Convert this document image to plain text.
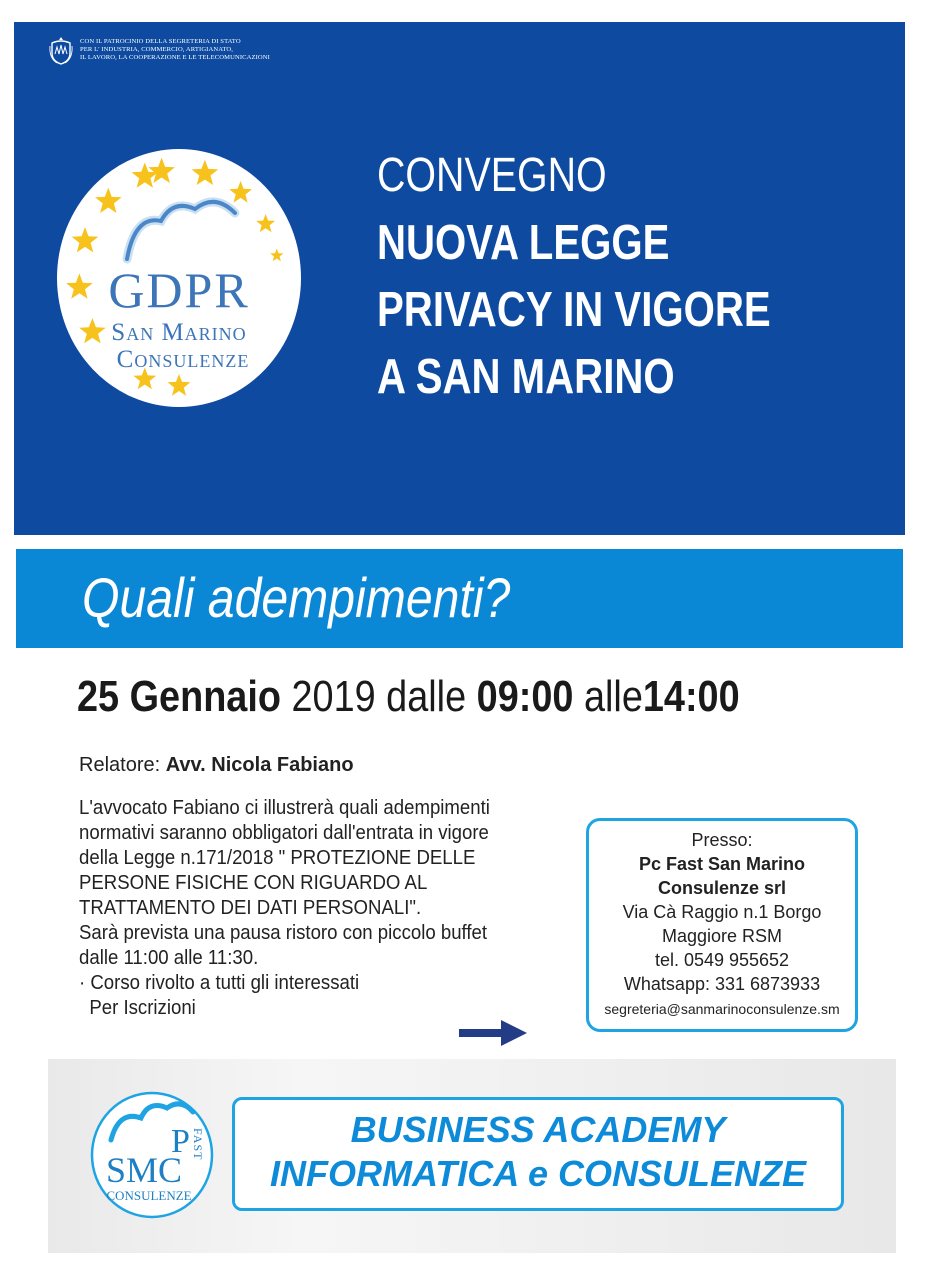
CON IL PATROCINIO DELLA SEGRETERIA DI STATO
PER L' INDUSTRIA, COMMERCIO, ARTIGIANATO,
IL LAVORO, LA COOPERAZIONE E LE TELECOMUNICAZIONI
GDPR
San Marino
Consulenze
CONVEGNO
NUOVA LEGGE
PRIVACY IN VIGORE
A SAN MARINO
Quali adempimenti?
25 Gennaio 2019 dalle 09:00 alle14:00
Relatore: Avv. Nicola Fabiano

L'avvocato Fabiano ci illustrerà quali adempimenti

normativi saranno obbligatori dall'entrata in vigore

della Legge n.171/2018 " PROTEZIONE DELLE

PERSONE FISICHE CON RIGUARDO AL

TRATTAMENTO DEI DATI PERSONALI".

Sarà prevista una pausa ristoro con piccolo buffet

dalle 11:00 alle 11:30.

· Corso rivolto a tutti gli interessati

Per Iscrizioni

Presso:
Pc Fast San Marino
Consulenze srl
Via Cà Raggio n.1 Borgo
Maggiore RSM
tel. 0549 955652
Whatsapp: 331 6873933
segreteria@sanmarinoconsulenze.sm
P
SMC
FAST
CONSULENZE
BUSINESS ACADEMY
INFORMATICA e CONSULENZE
